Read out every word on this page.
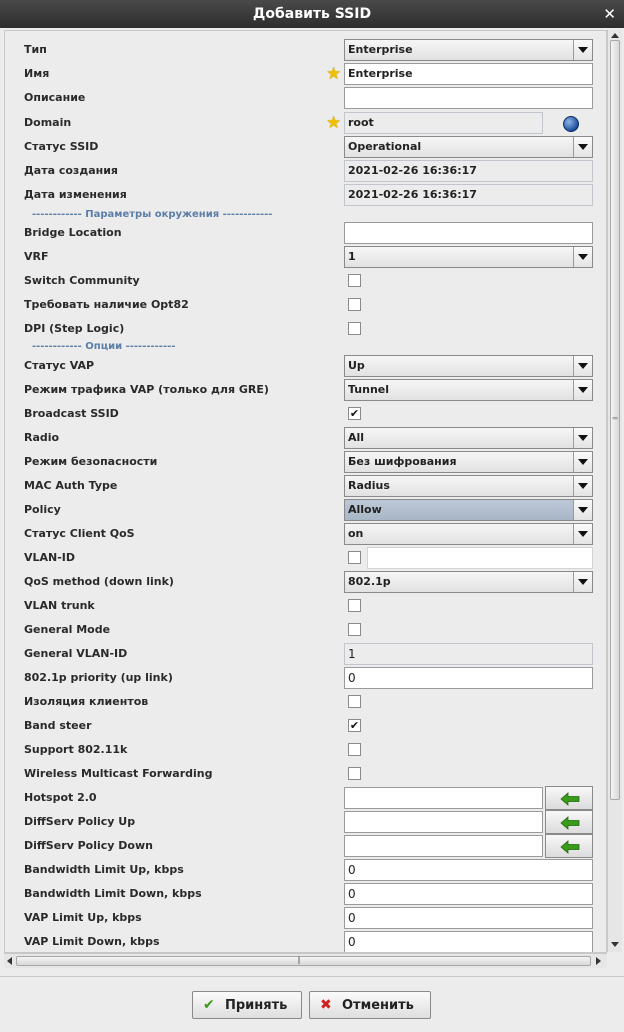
Добавить SSID	✕
Тип	Enterprise
Имя	★ Enterprise
Описание
Domain	★ root
Статус SSID	Operational
Дата создания	2021-02-26 16:36:17
Дата изменения	2021-02-26 16:36:17
------------ Параметры окружения ------------
Bridge Location
VRF	1
Switch Community
Требовать наличие Opt82
DPI (Step Logic)
------------ Опции ------------
Статус VAP	Up
Режим трафика VAP (только для GRE)	Tunnel
Broadcast SSID	✔
Radio	All
Режим безопасности	Без шифрования
MAC Auth Type	Radius
Policy	Allow
Статус Client QoS	on
VLAN-ID
QoS method (down link)	802.1p
VLAN trunk
General Mode
General VLAN-ID	1
802.1p priority (up link)	0
Изоляция клиентов
Band steer	✔
Support 802.11k
Wireless Multicast Forwarding
Hotspot 2.0
DiffServ Policy Up
DiffServ Policy Down
Bandwidth Limit Up, kbps	0
Bandwidth Limit Down, kbps	0
VAP Limit Up, kbps	0
VAP Limit Down, kbps	0
═
‖
✔ Принять	✖ Отменить
